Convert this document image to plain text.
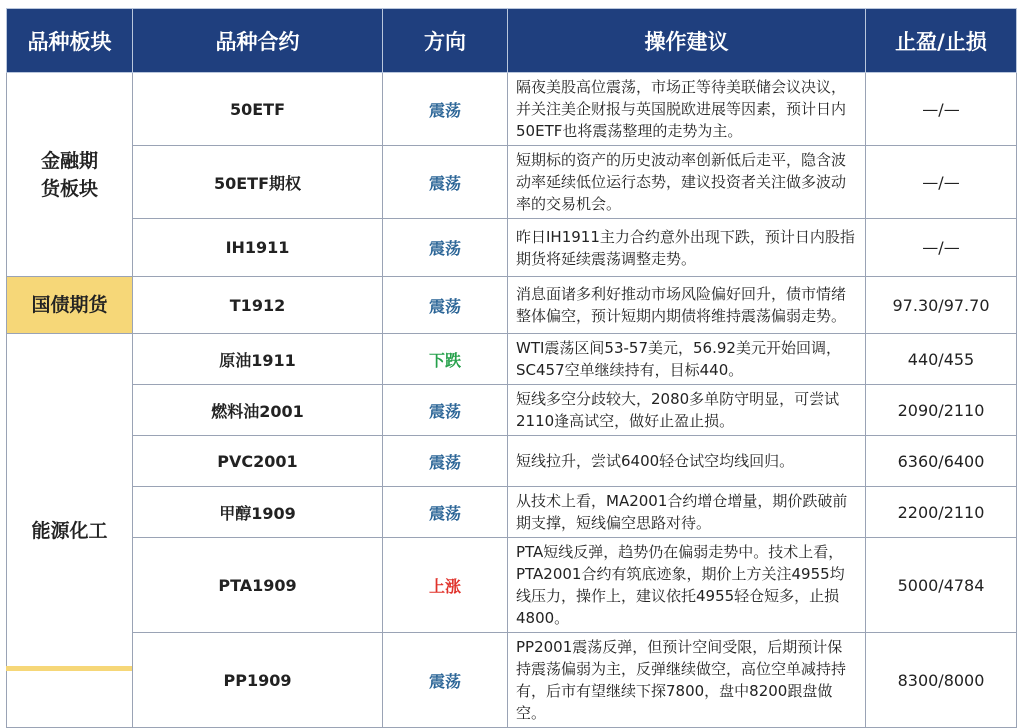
品种板块	品种合约	方向	操作建议	止盈/止损

金融期货板块	50ETF	震荡	隔夜美股高位震荡，市场正等待美联储会议决议，并关注美企财报与英国脱欧进展等因素，预计日内50ETF也将震荡整理的走势为主。	—/—
	50ETF期权	震荡	短期标的资产的历史波动率创新低后走平，隐含波动率延续低位运行态势，建议投资者关注做多波动率的交易机会。	—/—
	IH1911	震荡	昨日IH1911主力合约意外出现下跌，预计日内股指期货将延续震荡调整走势。	—/—
国债期货	T1912	震荡	消息面诸多利好推动市场风险偏好回升，债市情绪整体偏空，预计短期内期债将维持震荡偏弱走势。	97.30/97.70
能源化工	原油1911	下跌	WTI震荡区间53-57美元，56.92美元开始回调，SC457空单继续持有，目标440。	440/455
	燃料油2001	震荡	短线多空分歧较大，2080多单防守明显，可尝试2110逢高试空，做好止盈止损。	2090/2110
	PVC2001	震荡	短线拉升，尝试6400轻仓试空均线回归。	6360/6400
	甲醇1909	震荡	从技术上看，MA2001合约增仓增量，期价跌破前期支撑，短线偏空思路对待。	2200/2110
	PTA1909	上涨	PTA短线反弹，趋势仍在偏弱走势中。技术上看，PTA2001合约有筑底迹象，期价上方关注4955均线压力，操作上，建议依托4955轻仓短多，止损4800。	5000/4784
	PP1909	震荡	PP2001震荡反弹，但预计空间受限，后期预计保持震荡偏弱为主，反弹继续做空，高位空单减持持有，后市有望继续下探7800，盘中8200跟盘做空。	8300/8000
